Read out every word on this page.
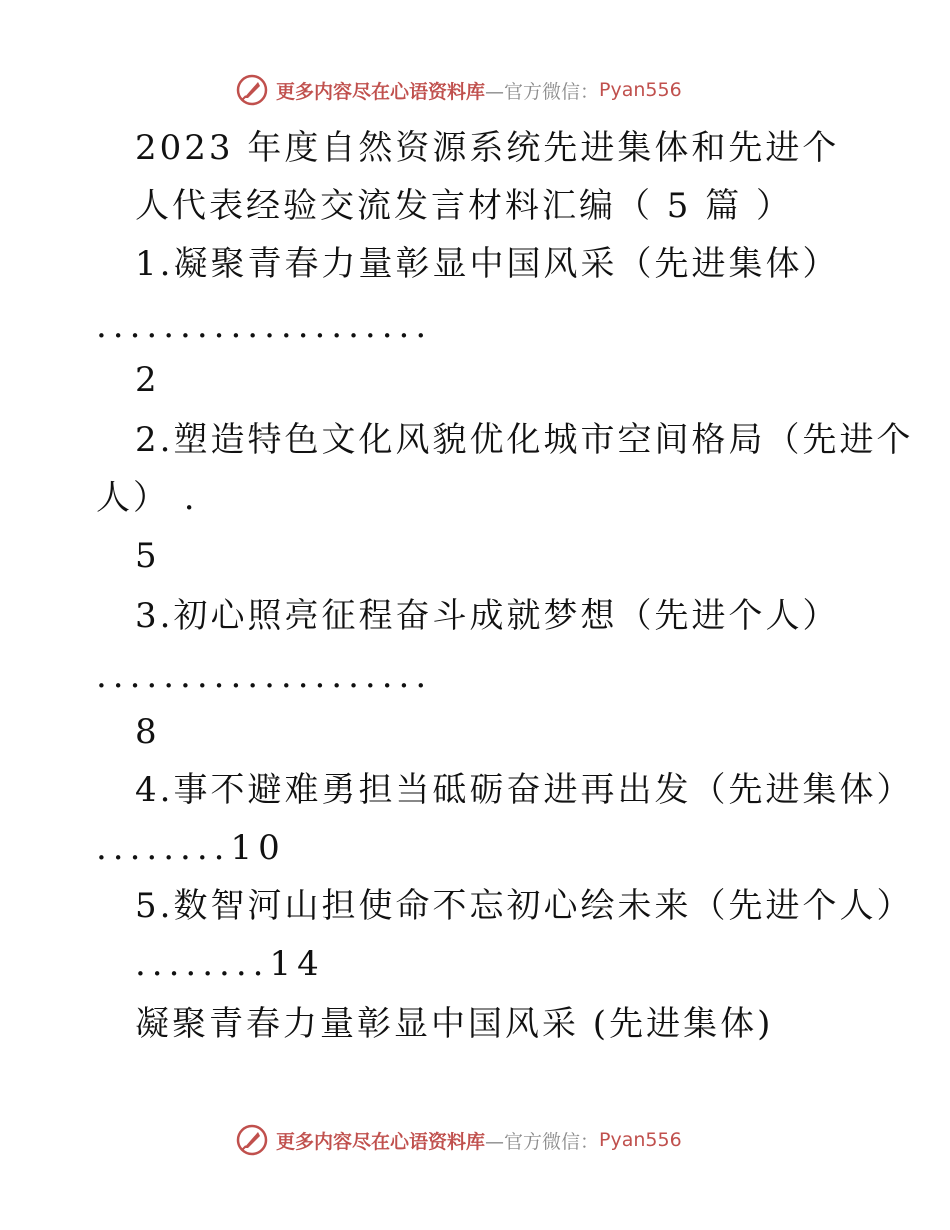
更多内容尽在心语资料库 —官方微信： Pyan556
2023 年度自然资源系统先进集体和先进个
人代表经验交流发言材料汇编（ 5 篇 ）
1.凝聚青春力量彰显中国风采（先进集体）
....................
2
2.塑造特色文化风貌优化城市空间格局（先进个
人） .
5
3.初心照亮征程奋斗成就梦想（先进个人）
....................
8
4.事不避难勇担当砥砺奋进再出发（先进集体）
........10
5.数智河山担使命不忘初心绘未来（先进个人）
........14
凝聚青春力量彰显中国风采 (先进集体)
更多内容尽在心语资料库 —官方微信： Pyan556
